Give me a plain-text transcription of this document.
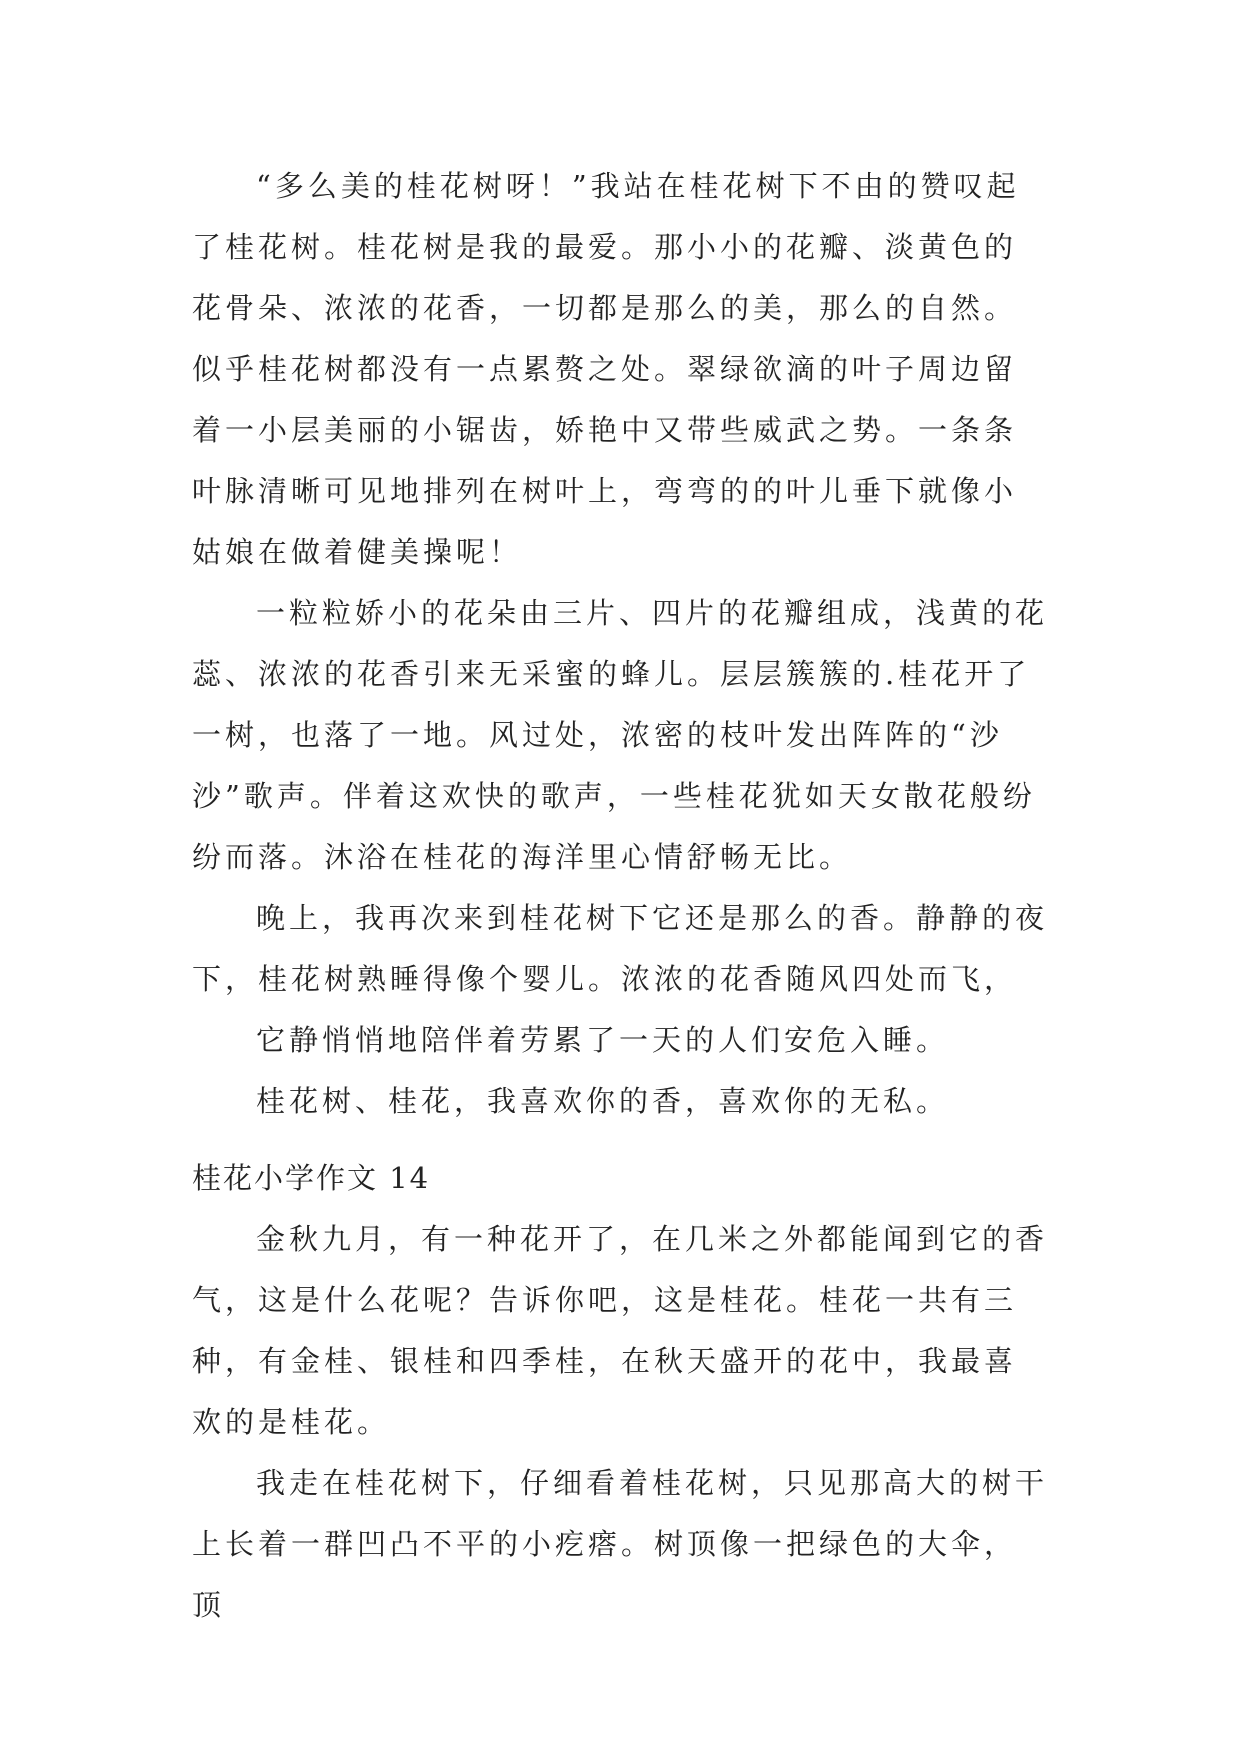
“多么美的桂花树呀！”我站在桂花树下不由的赞叹起了桂花树。桂花树是我的最爱。那小小的花瓣、淡黄色的花骨朵、浓浓的花香，一切都是那么的美，那么的自然。似乎桂花树都没有一点累赘之处。翠绿欲滴的叶子周边留着一小层美丽的小锯齿，娇艳中又带些威武之势。一条条叶脉清晰可见地排列在树叶上，弯弯的的叶儿垂下就像小姑娘在做着健美操呢！

一粒粒娇小的花朵由三片、四片的花瓣组成，浅黄的花蕊、浓浓的花香引来无采蜜的蜂儿。层层簇簇的.桂花开了一树，也落了一地。风过处，浓密的枝叶发出阵阵的“沙沙”歌声。伴着这欢快的歌声，一些桂花犹如天女散花般纷纷而落。沐浴在桂花的海洋里心情舒畅无比。

晚上，我再次来到桂花树下它还是那么的香。静静的夜下，桂花树熟睡得像个婴儿。浓浓的花香随风四处而飞，

它静悄悄地陪伴着劳累了一天的人们安危入睡。

桂花树、桂花，我喜欢你的香，喜欢你的无私。

桂花小学作文 14

金秋九月，有一种花开了，在几米之外都能闻到它的香气，这是什么花呢？告诉你吧，这是桂花。桂花一共有三种，有金桂、银桂和四季桂，在秋天盛开的花中，我最喜欢的是桂花。

我走在桂花树下，仔细看着桂花树，只见那高大的树干上长着一群凹凸不平的小疙瘩。树顶像一把绿色的大伞，顶
